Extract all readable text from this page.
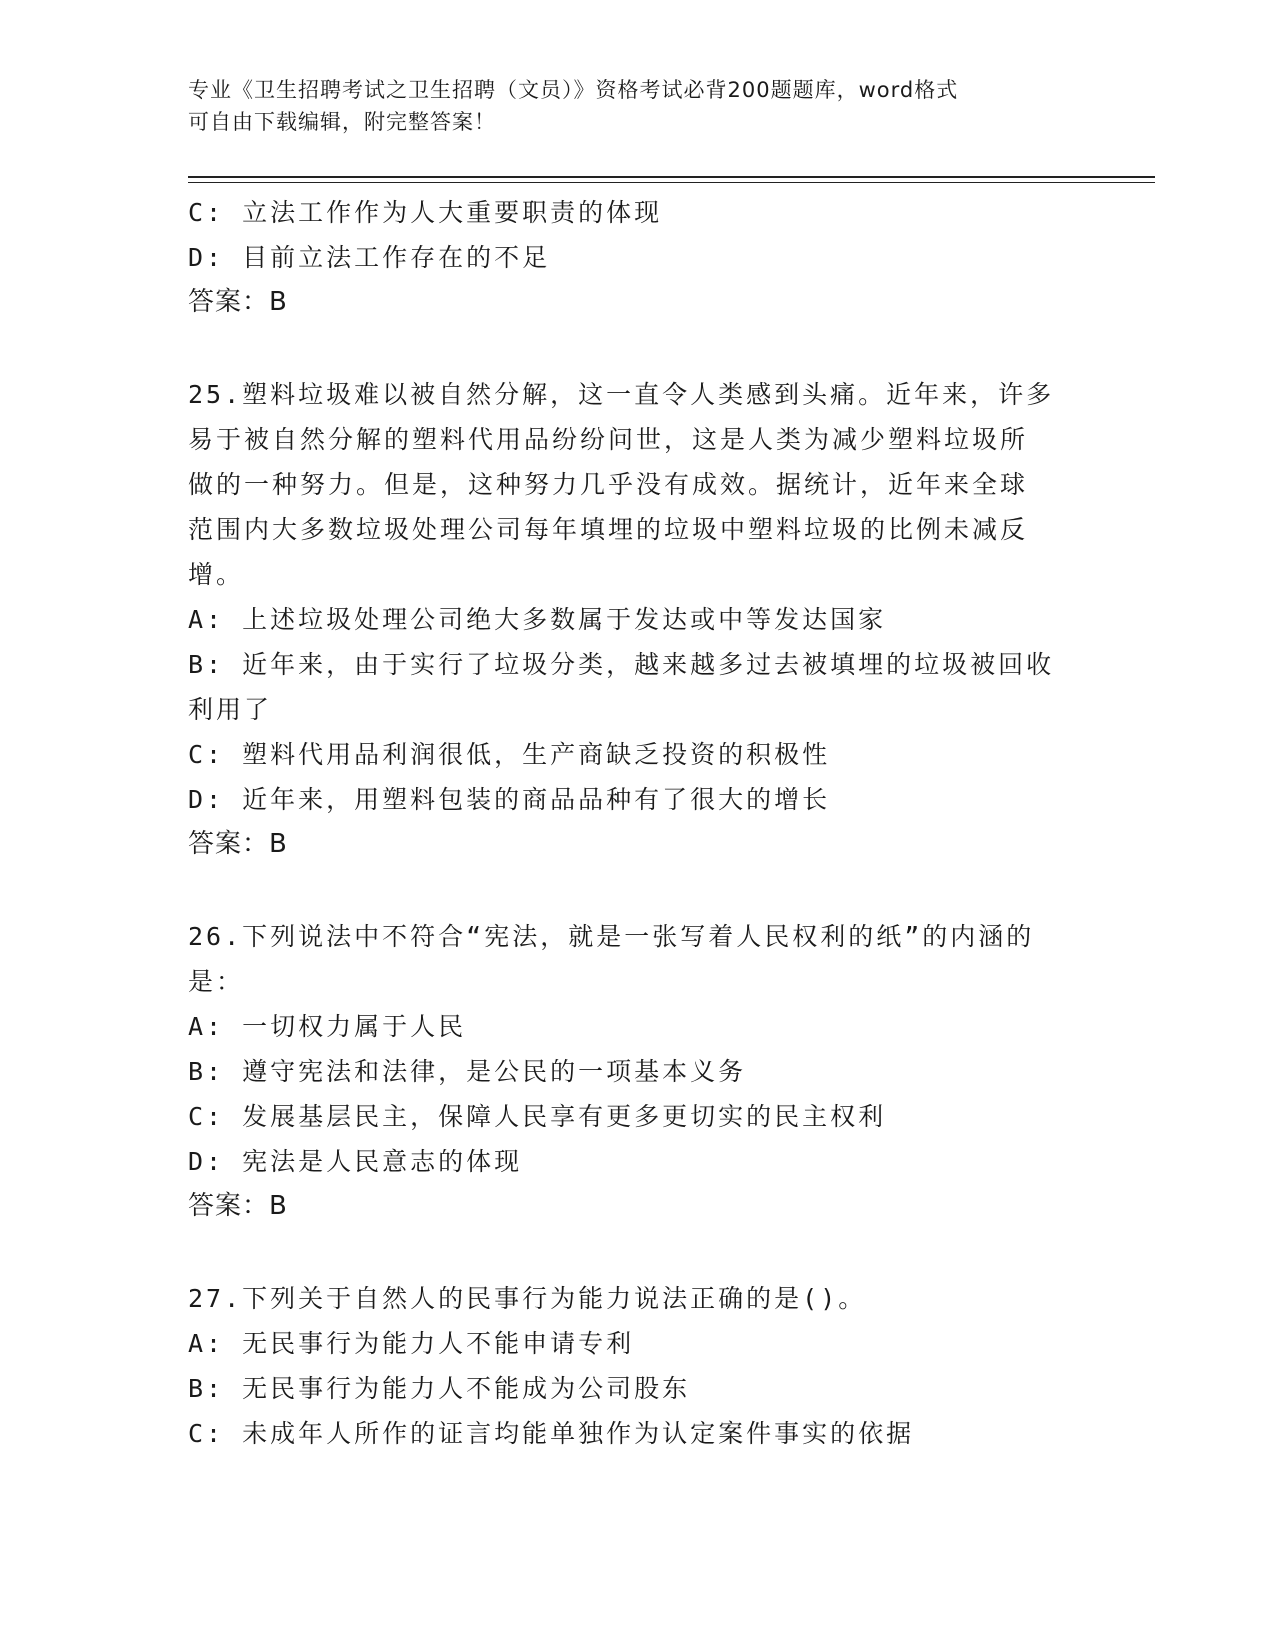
专业《卫生招聘考试之卫生招聘（文员）》资格考试必背200题题库，word格式
可自由下载编辑，附完整答案！
C: 立法工作作为人大重要职责的体现
D: 目前立法工作存在的不足
答案：B
25.塑料垃圾难以被自然分解，这一直令人类感到头痛。近年来，许多
易于被自然分解的塑料代用品纷纷问世，这是人类为减少塑料垃圾所
做的一种努力。但是，这种努力几乎没有成效。据统计，近年来全球
范围内大多数垃圾处理公司每年填埋的垃圾中塑料垃圾的比例未减反
增。
A: 上述垃圾处理公司绝大多数属于发达或中等发达国家
B: 近年来，由于实行了垃圾分类，越来越多过去被填埋的垃圾被回收
利用了
C: 塑料代用品利润很低，生产商缺乏投资的积极性
D: 近年来，用塑料包装的商品品种有了很大的增长
答案：B
26.下列说法中不符合“宪法，就是一张写着人民权利的纸”的内涵的
是：
A: 一切权力属于人民
B: 遵守宪法和法律，是公民的一项基本义务
C: 发展基层民主，保障人民享有更多更切实的民主权利
D: 宪法是人民意志的体现
答案：B
27.下列关于自然人的民事行为能力说法正确的是()。
A: 无民事行为能力人不能申请专利
B: 无民事行为能力人不能成为公司股东
C: 未成年人所作的证言均能单独作为认定案件事实的依据
